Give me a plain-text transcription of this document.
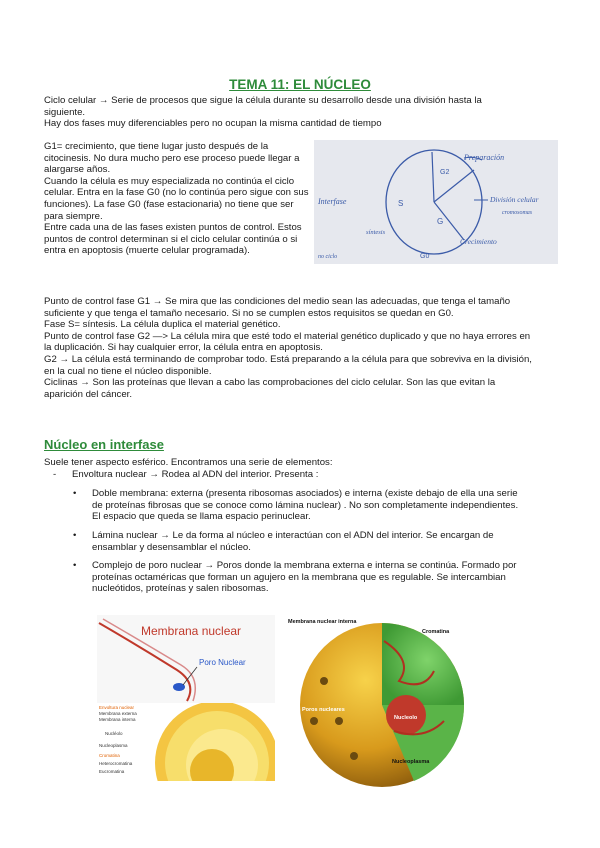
TEMA 11: EL NÚCLEO

Ciclo celular → Serie de procesos que sigue la célula durante su desarrollo desde una división hasta la siguiente.

Hay dos fases muy diferenciables pero no ocupan la misma cantidad de tiempo

G1= crecimiento, que tiene lugar justo después de la citocinesis. No dura mucho pero ese proceso puede llegar a alargarse años.

Cuando la célula es muy especializada no continúa el ciclo celular. Entra en la fase G0 (no lo continúa pero sigue con sus funciones). La fase G0 (fase estacionaria) no tiene que ser para siempre.

Entre cada una de las fases existen puntos de control. Estos puntos de control determinan si el ciclo celular continúa o si entra en apoptosis (muerte celular programada).

Preparación
G2
Interfase	S
G
División celular
cromosomas
Crecimiento
síntesis
G0
no ciclo

Punto de control fase G1 → Se mira que las condiciones del medio sean las adecuadas, que tenga el tamaño suficiente y que tenga el tamaño necesario. Si no se cumplen estos requisitos se quedan en G0.

Fase S= síntesis. La célula duplica el material genético.

Punto de control fase G2 —> La célula mira que esté todo el material genético duplicado y que no haya errores en la duplicación. Si hay cualquier error, la célula entra en apoptosis.

G2 → La célula está terminando de comprobar todo. Está preparando a la célula para que sobreviva en la división, en la cual no tiene el núcleo disponible.

Ciclinas → Son las proteínas que llevan a cabo las comprobaciones del ciclo celular. Son las que evitan la aparición del cáncer.

Núcleo en interfase
Suele tener aspecto esférico. Encontramos una serie de elementos:
- Envoltura nuclear → Rodea al ADN del interior. Presenta :
• Doble membrana: externa (presenta ribosomas asociados) e interna (existe debajo de ella una serie de proteínas fibrosas que se conoce como lámina nuclear) . No son completamente independientes. El espacio que queda se llama espacio perinuclear.
• Lámina nuclear → Le da forma al núcleo e interactúan con el ADN del interior. Se encargan de ensamblar y desensamblar el núcleo.
• Complejo de poro nuclear → Poros donde la membrana externa e interna se continúa. Formado por proteínas octaméricas que forman un agujero en la membrana que es regulable. Se intercambian nucleótidos, proteínas y salen ribosomas.
Membrana nuclear
Poro Nuclear
Envoltura nuclear
Membrana externa
Membrana interna
Nucléolo
Nucleoplasma
Cromatina
Heterocromatina
Eucromatina
Membrana nuclear interna
Cromatina
Poros nucleares
Nucleolo
Nucleoplasma
